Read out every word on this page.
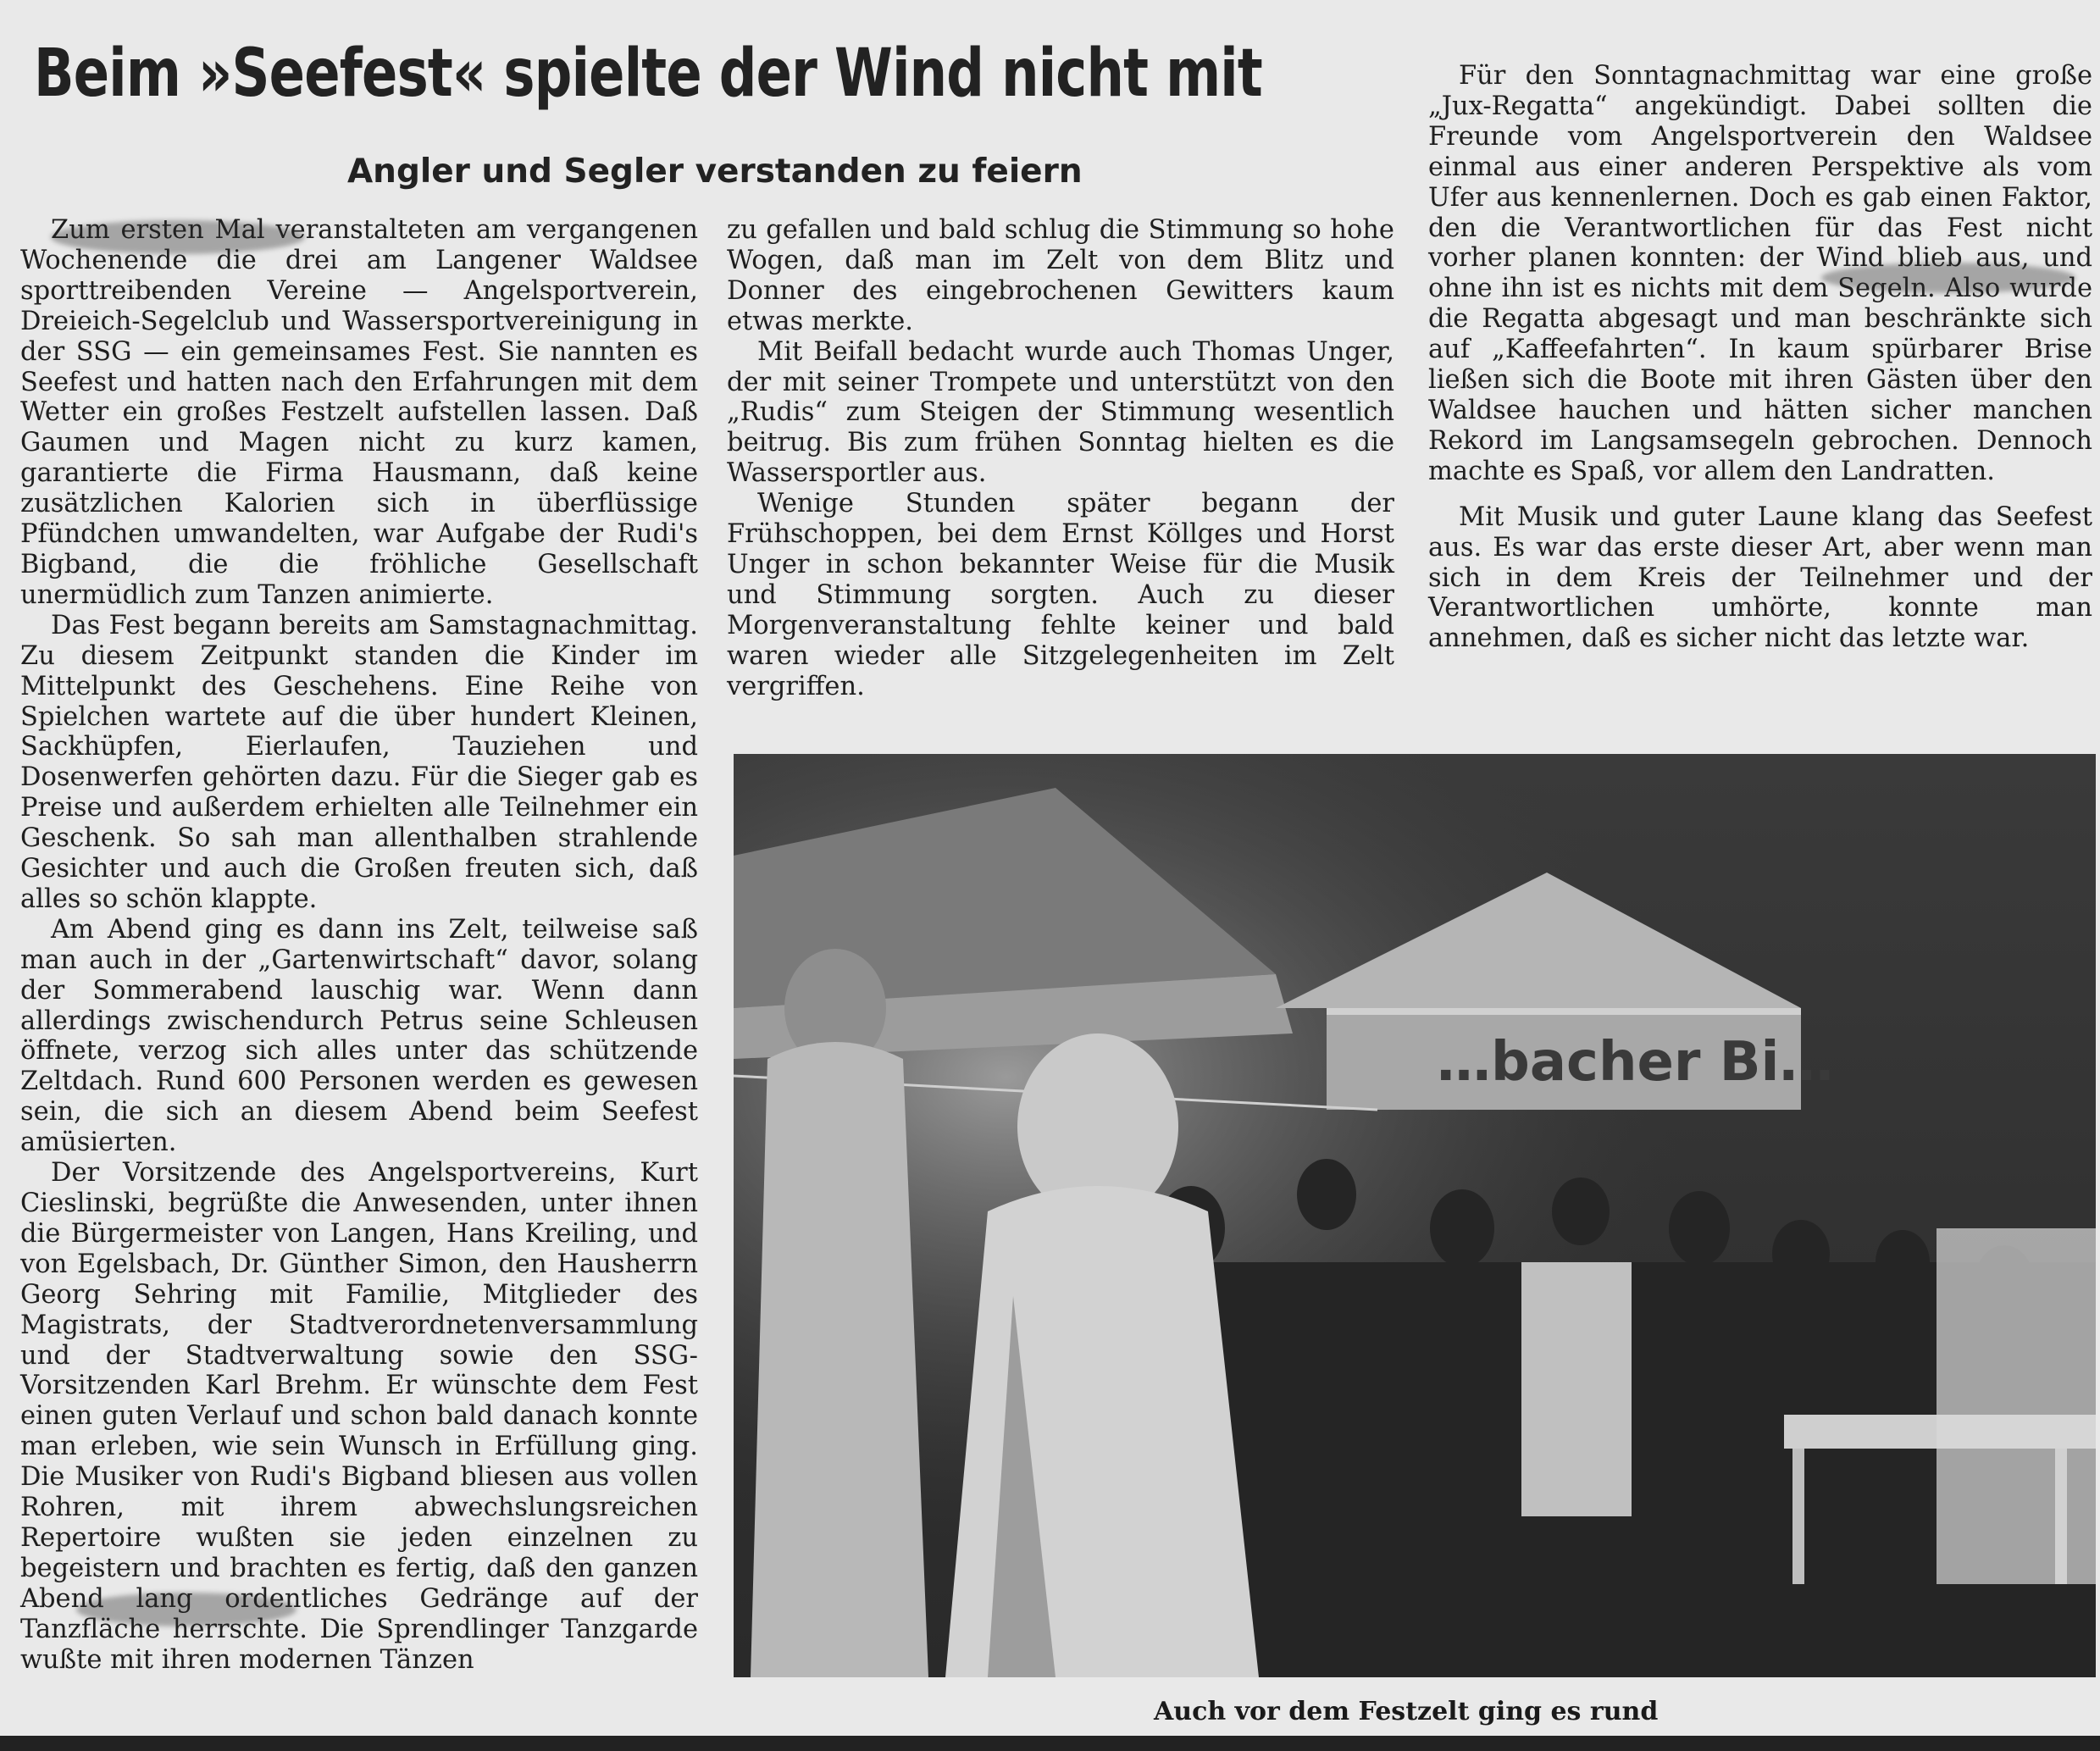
Beim »Seefest« spielte der Wind nicht mit
Angler und Segler verstanden zu feiern

Zum ersten Mal veranstalteten am vergangenen Wochenende die drei am Langener Waldsee sporttreibenden Vereine — Angelsportverein, Dreieich-Segelclub und Wassersportvereinigung in der SSG — ein gemeinsames Fest. Sie nannten es Seefest und hatten nach den Erfahrungen mit dem Wetter ein großes Festzelt aufstellen lassen. Daß Gaumen und Magen nicht zu kurz kamen, garantierte die Firma Hausmann, daß keine zusätzlichen Kalorien sich in überflüssige Pfündchen umwandelten, war Aufgabe der Rudi's Bigband, die die fröhliche Gesellschaft unermüdlich zum Tanzen animierte.

Das Fest begann bereits am Samstagnachmittag. Zu diesem Zeitpunkt standen die Kinder im Mittelpunkt des Geschehens. Eine Reihe von Spielchen wartete auf die über hundert Kleinen, Sackhüpfen, Eierlaufen, Tauziehen und Dosenwerfen gehörten dazu. Für die Sieger gab es Preise und außerdem erhielten alle Teilnehmer ein Geschenk. So sah man allenthalben strahlende Gesichter und auch die Großen freuten sich, daß alles so schön klappte.

Am Abend ging es dann ins Zelt, teilweise saß man auch in der „Gartenwirtschaft“ davor, solang der Sommerabend lauschig war. Wenn dann allerdings zwischendurch Petrus seine Schleusen öffnete, verzog sich alles unter das schützende Zeltdach. Rund 600 Personen werden es gewesen sein, die sich an diesem Abend beim Seefest amüsierten.

Der Vorsitzende des Angelsportvereins, Kurt Cieslinski, begrüßte die Anwesenden, unter ihnen die Bürgermeister von Langen, Hans Kreiling, und von Egelsbach, Dr. Günther Simon, den Hausherrn Georg Sehring mit Familie, Mitglieder des Magistrats, der Stadtverordnetenversammlung und der Stadtverwaltung sowie den SSG-Vorsitzenden Karl Brehm. Er wünschte dem Fest einen guten Verlauf und schon bald danach konnte man erleben, wie sein Wunsch in Erfüllung ging. Die Musiker von Rudi's Bigband bliesen aus vollen Rohren, mit ihrem abwechslungsreichen Repertoire wußten sie jeden einzelnen zu begeistern und brachten es fertig, daß den ganzen Abend lang ordentliches Gedränge auf der Tanzfläche herrschte. Die Sprendlinger Tanzgarde wußte mit ihren modernen Tänzen

zu gefallen und bald schlug die Stimmung so hohe Wogen, daß man im Zelt von dem Blitz und Donner des eingebrochenen Gewitters kaum etwas merkte.

Mit Beifall bedacht wurde auch Thomas Unger, der mit seiner Trompete und unterstützt von den „Rudis“ zum Steigen der Stimmung wesentlich beitrug. Bis zum frühen Sonntag hielten es die Wassersportler aus.

Wenige Stunden später begann der Frühschoppen, bei dem Ernst Köllges und Horst Unger in schon bekannter Weise für die Musik und Stimmung sorgten. Auch zu dieser Morgenveranstaltung fehlte keiner und bald waren wieder alle Sitzgelegenheiten im Zelt vergriffen.

Für den Sonntagnachmittag war eine große „Jux-Regatta“ angekündigt. Dabei sollten die Freunde vom Angelsportverein den Waldsee einmal aus einer anderen Perspektive als vom Ufer aus kennenlernen. Doch es gab einen Faktor, den die Verantwortlichen für das Fest nicht vorher planen konnten: der Wind blieb aus, und ohne ihn ist es nichts mit dem Segeln. Also wurde die Regatta abgesagt und man beschränkte sich auf „Kaffeefahrten“. In kaum spürbarer Brise ließen sich die Boote mit ihren Gästen über den Waldsee hauchen und hätten sicher manchen Rekord im Langsamsegeln gebrochen. Dennoch machte es Spaß, vor allem den Landratten.

Mit Musik und guter Laune klang das Seefest aus. Es war das erste dieser Art, aber wenn man sich in dem Kreis der Teilnehmer und der Verantwortlichen umhörte, konnte man annehmen, daß es sicher nicht das letzte war.

…bacher Bi…
Auch vor dem Festzelt ging es rund
